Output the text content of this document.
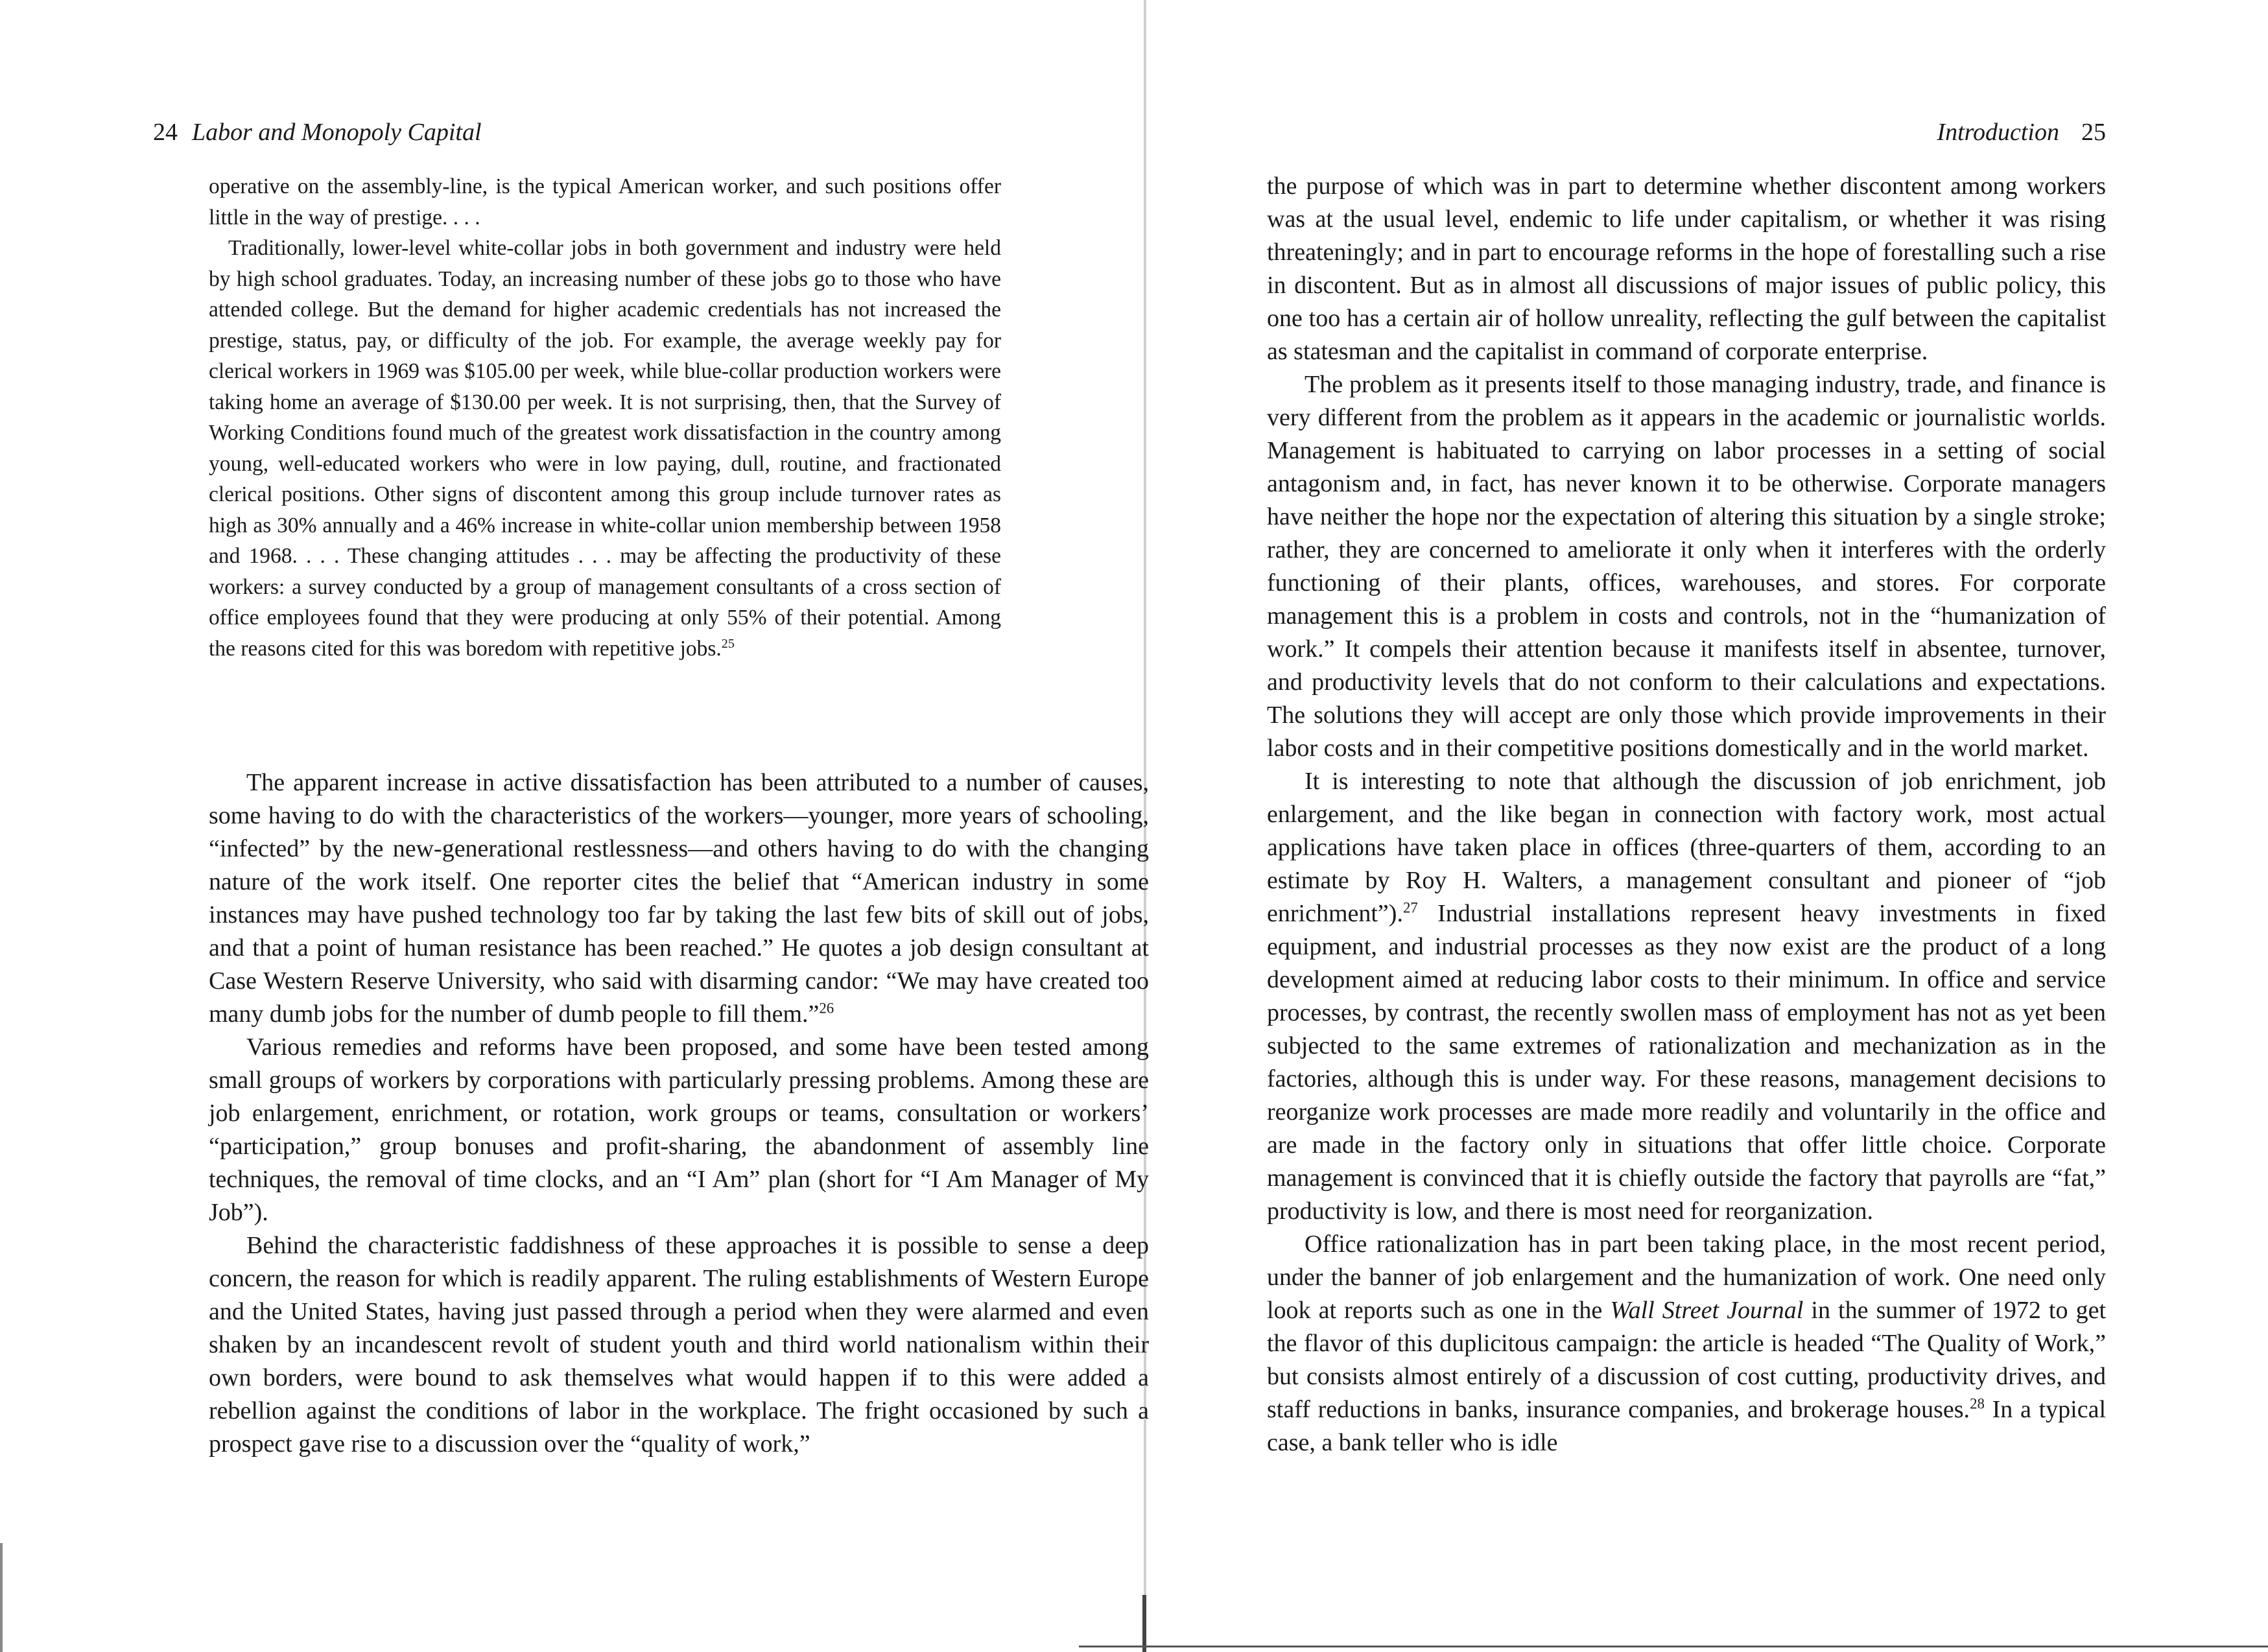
24 Labor and Monopoly Capital

operative on the assembly-line, is the typical American worker, and such positions offer little in the way of prestige. . . .

Traditionally, lower-level white-collar jobs in both government and industry were held by high school graduates. Today, an increasing number of these jobs go to those who have attended college. But the demand for higher academic credentials has not increased the prestige, status, pay, or difficulty of the job. For example, the average weekly pay for clerical workers in 1969 was $105.00 per week, while blue-collar production workers were taking home an average of $130.00 per week. It is not surprising, then, that the Survey of Working Conditions found much of the greatest work dissatisfaction in the country among young, well-educated workers who were in low paying, dull, routine, and fractionated clerical positions. Other signs of discontent among this group include turnover rates as high as 30% annually and a 46% increase in white-collar union membership between 1958 and 1968. . . . These changing attitudes . . . may be affecting the productivity of these workers: a survey conducted by a group of management consultants of a cross section of office employees found that they were producing at only 55% of their potential. Among the reasons cited for this was boredom with repetitive jobs.$^{25}$

The apparent increase in active dissatisfaction has been attributed to a number of causes, some having to do with the characteristics of the workers—younger, more years of schooling, “infected” by the new-generational restlessness—and others having to do with the changing nature of the work itself. One reporter cites the belief that “American industry in some instances may have pushed technology too far by taking the last few bits of skill out of jobs, and that a point of human resistance has been reached.” He quotes a job design consultant at Case Western Reserve University, who said with disarming candor: “We may have created too many dumb jobs for the number of dumb people to fill them.”$^{26}$

Various remedies and reforms have been proposed, and some have been tested among small groups of workers by corporations with particularly pressing problems. Among these are job enlargement, enrichment, or rotation, work groups or teams, consultation or workers’ “participation,” group bonuses and profit-sharing, the abandonment of assembly line techniques, the removal of time clocks, and an “I Am” plan (short for “I Am Manager of My Job”).

Behind the characteristic faddishness of these approaches it is possible to sense a deep concern, the reason for which is readily apparent. The ruling establishments of Western Europe and the United States, having just passed through a period when they were alarmed and even shaken by an incandescent revolt of student youth and third world nationalism within their own borders, were bound to ask themselves what would happen if to this were added a rebellion against the conditions of labor in the workplace. The fright occasioned by such a prospect gave rise to a discussion over the “quality of work,”

Introduction 25

the purpose of which was in part to determine whether discontent among workers was at the usual level, endemic to life under capitalism, or whether it was rising threateningly; and in part to encourage reforms in the hope of forestalling such a rise in discontent. But as in almost all discussions of major issues of public policy, this one too has a certain air of hollow unreality, reflecting the gulf between the capitalist as statesman and the capitalist in command of corporate enterprise.

The problem as it presents itself to those managing industry, trade, and finance is very different from the problem as it appears in the academic or journalistic worlds. Management is habituated to carrying on labor processes in a setting of social antagonism and, in fact, has never known it to be otherwise. Corporate managers have neither the hope nor the expectation of altering this situation by a single stroke; rather, they are concerned to ameliorate it only when it interferes with the orderly functioning of their plants, offices, warehouses, and stores. For corporate management this is a problem in costs and controls, not in the “humanization of work.” It compels their attention because it manifests itself in absentee, turnover, and productivity levels that do not conform to their calculations and expectations. The solutions they will accept are only those which provide improvements in their labor costs and in their competitive positions domestically and in the world market.

It is interesting to note that although the discussion of job enrichment, job enlargement, and the like began in connection with factory work, most actual applications have taken place in offices (three-quarters of them, according to an estimate by Roy H. Walters, a management consultant and pioneer of “job enrichment”).$^{27}$ Industrial installations represent heavy investments in fixed equipment, and industrial processes as they now exist are the product of a long development aimed at reducing labor costs to their minimum. In office and service processes, by contrast, the recently swollen mass of employment has not as yet been subjected to the same extremes of rationalization and mechanization as in the factories, although this is under way. For these reasons, management decisions to reorganize work processes are made more readily and voluntarily in the office and are made in the factory only in situations that offer little choice. Corporate management is convinced that it is chiefly outside the factory that payrolls are “fat,” productivity is low, and there is most need for reorganization.

Office rationalization has in part been taking place, in the most recent period, under the banner of job enlargement and the humanization of work. One need only look at reports such as one in the Wall Street Journal in the summer of 1972 to get the flavor of this duplicitous campaign: the article is headed “The Quality of Work,” but consists almost entirely of a discussion of cost cutting, productivity drives, and staff reductions in banks, insurance companies, and brokerage houses.$^{28}$ In a typical case, a bank teller who is idle
